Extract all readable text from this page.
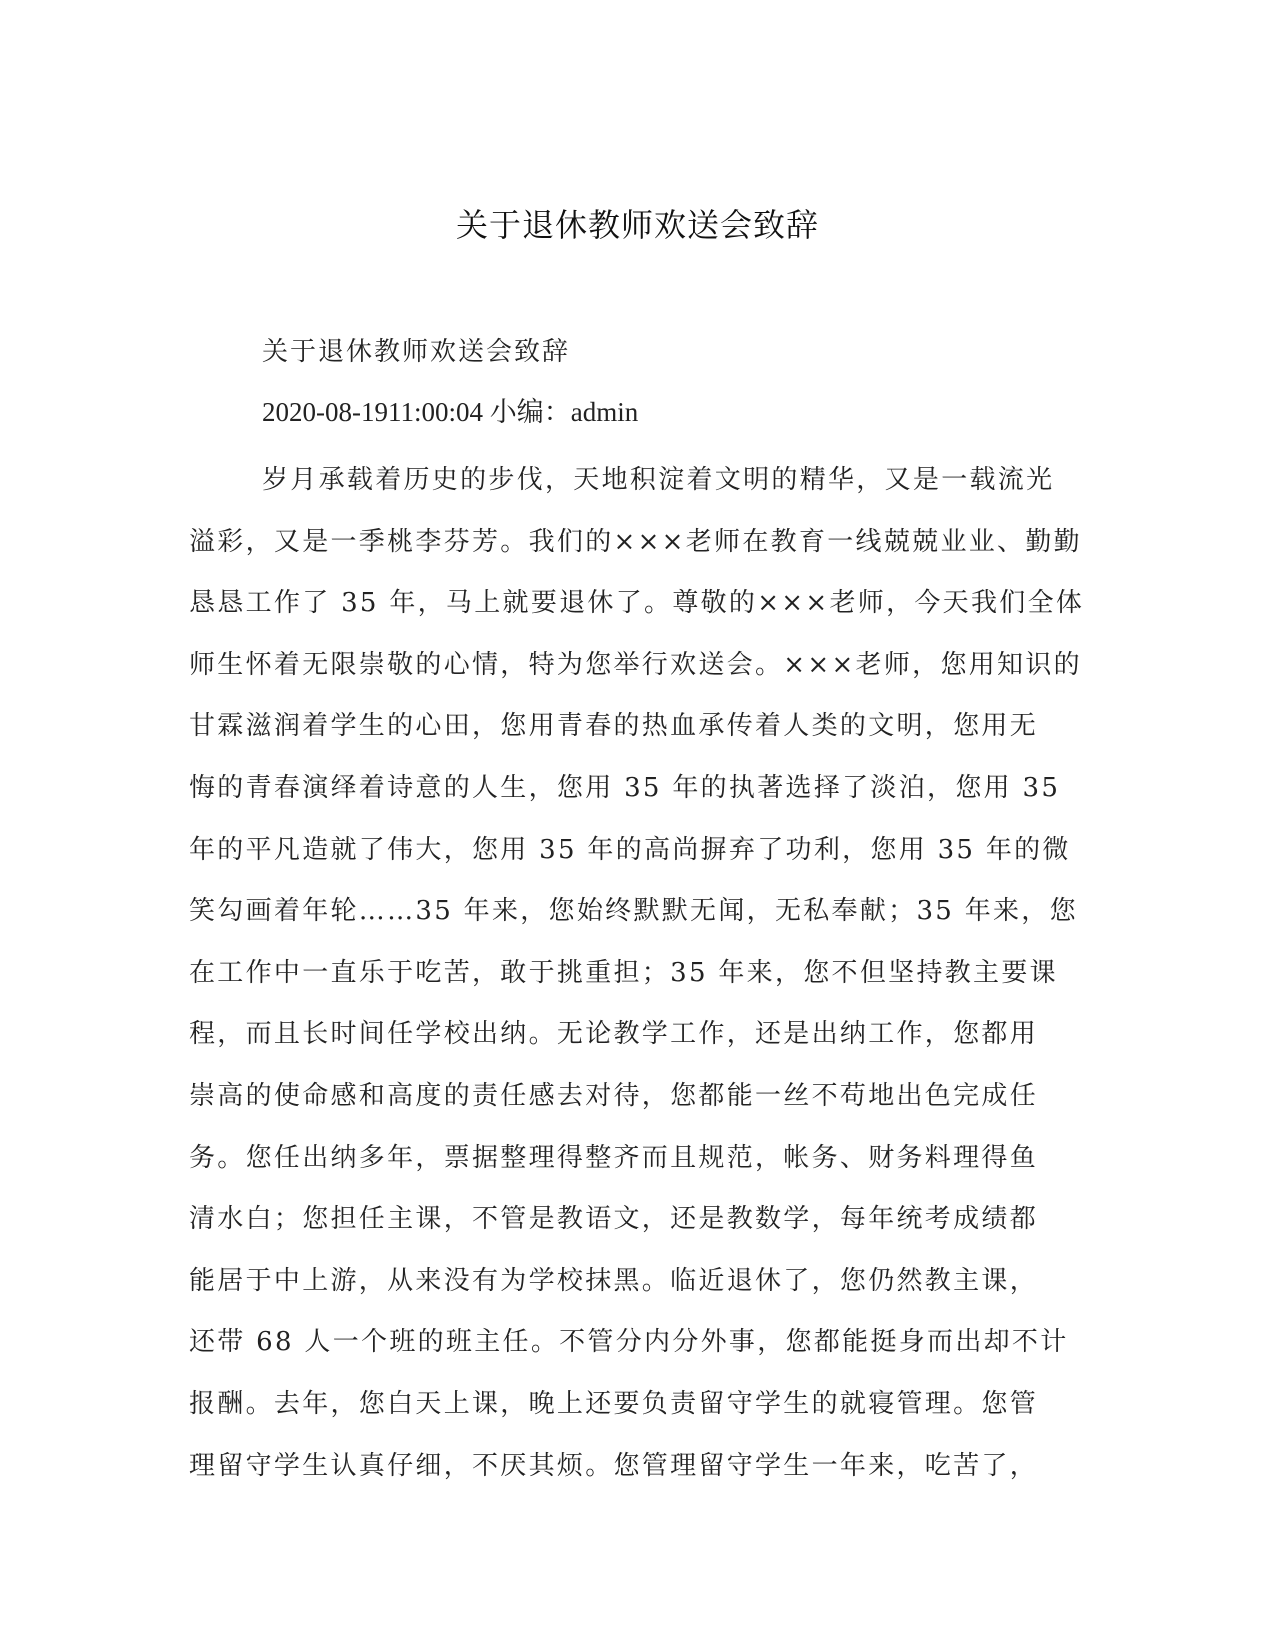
关于退休教师欢送会致辞
关于退休教师欢送会致辞
2020-08-1911:00:04 小编：admin
岁月承载着历史的步伐，天地积淀着文明的精华，又是一载流光
溢彩，又是一季桃李芬芳。我们的×××老师在教育一线兢兢业业、勤勤
恳恳工作了 35 年，马上就要退休了。尊敬的×××老师，今天我们全体
师生怀着无限崇敬的心情，特为您举行欢送会。×××老师，您用知识的
甘霖滋润着学生的心田，您用青春的热血承传着人类的文明，您用无
悔的青春演绎着诗意的人生，您用 35 年的执著选择了淡泊，您用 35
年的平凡造就了伟大，您用 35 年的高尚摒弃了功利，您用 35 年的微
笑勾画着年轮……35 年来，您始终默默无闻，无私奉献；35 年来，您
在工作中一直乐于吃苦，敢于挑重担；35 年来，您不但坚持教主要课
程，而且长时间任学校出纳。无论教学工作，还是出纳工作，您都用
崇高的使命感和高度的责任感去对待，您都能一丝不苟地出色完成任
务。您任出纳多年，票据整理得整齐而且规范，帐务、财务料理得鱼
清水白；您担任主课，不管是教语文，还是教数学，每年统考成绩都
能居于中上游，从来没有为学校抹黑。临近退休了，您仍然教主课，
还带 68 人一个班的班主任。不管分内分外事，您都能挺身而出却不计
报酬。去年，您白天上课，晚上还要负责留守学生的就寝管理。您管
理留守学生认真仔细，不厌其烦。您管理留守学生一年来，吃苦了，
